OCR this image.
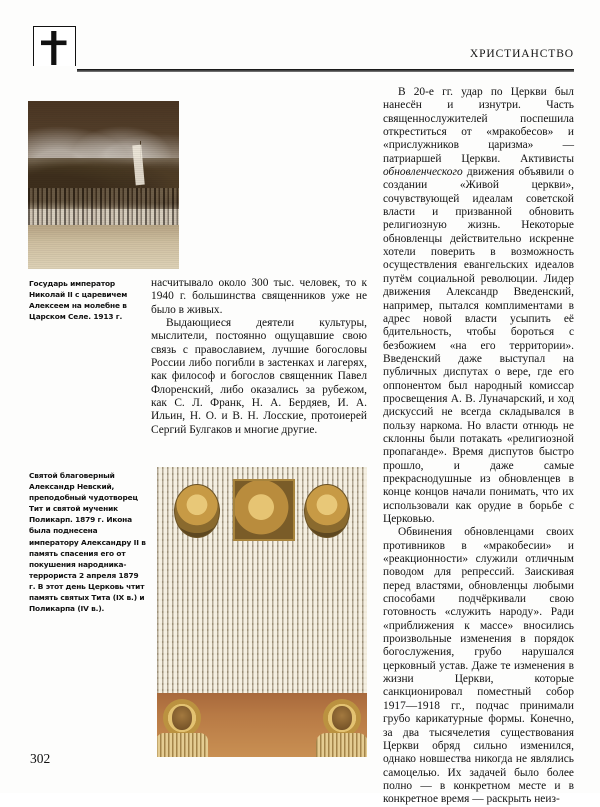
ХРИСТИАНСТВО
Государь император Николай II с царевичем Алексеем на молебне в Царском Селе. 1913 г.
Святой благоверный Александр Невский, преподобный чудотворец Тит и святой мученик Поликарп. 1879 г. Икона была поднесена императору Александру II в память спасения его от покушения народника-террориста 2 апреля 1879 г. В этот день Церковь чтит память святых Тита (IX в.) и Поликарпа (IV в.).

насчитывало около 300 тыс. человек, то к 1940 г. большинства священников уже не было в живых.

Выдающиеся деятели культуры, мыслители, постоянно ощущавшие свою связь с православием, лучшие богословы России либо погибли в застенках и лагерях, как философ и богослов священник Павел Флоренский, либо оказались за рубежом, как С. Л. Франк, Н. А. Бердяев, И. А. Ильин, Н. О. и В. Н. Лосские, протоиерей Сергий Булгаков и многие другие.

В 20-е гг. удар по Церкви был нанесён и изнутри. Часть священнослужителей поспешила откреститься от «мракобесов» и «прислужников царизма» — патриаршей Церкви. Активисты обновленческого движения объявили о создании «Живой церкви», сочувствующей идеалам советской власти и призванной обновить религиозную жизнь. Некоторые обновленцы действительно искренне хотели поверить в возможность осуществления евангельских идеалов путём социальной революции. Лидер движения Александр Введенский, например, пытался комплиментами в адрес новой власти усыпить её бдительность, чтобы бороться с безбожием «на его территории». Введенский даже выступал на публичных диспутах о вере, где его оппонентом был народный комиссар просвещения А. В. Луначарский, и ход дискуссий не всегда складывался в пользу наркома. Но власти отнюдь не склонны были потакать «религиозной пропаганде». Время диспутов быстро прошло, и даже самые прекраснодушные из обновленцев в конце концов начали понимать, что их использовали как орудие в борьбе с Церковью.

Обвинения обновленцами своих противников в «мракобесии» и «реакционности» служили отличным поводом для репрессий. Заискивая перед властями, обновленцы любыми способами подчёркивали свою готовность «служить народу». Ради «приближения к массе» вносились произвольные изменения в порядок богослужения, грубо нарушался церковный устав. Даже те изменения в жизни Церкви, которые санкционировал поместный собор 1917—1918 гг., подчас принимали грубо карикатурные формы. Конечно, за два тысячелетия существования Церкви обряд сильно изменился, однако новшества никогда не являлись самоцелью. Их задачей было более полно — в конкретном месте и в конкретное время — раскрыть неиз-

302
